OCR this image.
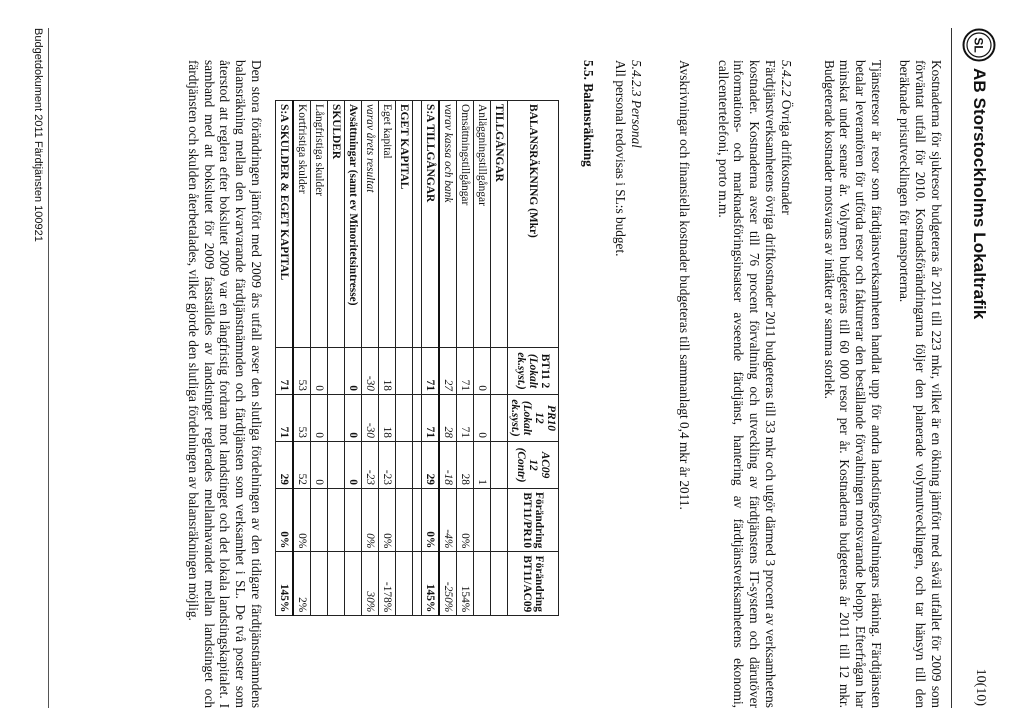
SL
AB Storstockholms Lokaltrafik
10(10)
Kostnaderna för sjukresor budgeteras år 2011 till 223 mkr, vilket är en ökning jämfört med såväl utfallet för 2009 som förväntat utfall för 2010. Kostnadsförändringarna följer den planerade volymutvecklingen, och tar hänsyn till den beräknade prisutvecklingen för transporterna.
Tjänsteresor är resor som färdtjänstverksamheten handlat upp för andra landstingsförvaltningars räkning. Färdtjänsten betalar leverantören för utförda resor och fakturerar den beställande förvaltningen motsvarande belopp. Efterfrågan har minskat under senare år. Volymen budgeteras till 60 000 resor per år. Kostnaderna budgeteras år 2011 till 12 mkr. Budgeterade kostnader motsvaras av intäkter av samma storlek.
5.4.2.2 Övriga driftkostnader
Färdtjänstverksamhetens övriga driftkostnader 2011 budgeteras till 33 mkr och utgör därmed 3 procent av verksamhetens kostnader. Kostnaderna avser till 76 procent förvaltning och utveckling av färdtjänstens IT-system och därutöver informations- och marknadsföringsinsatser avseende färdtjänst, hantering av färdtjänstverksamhetens ekonomi, callcentertelefoni, porto m.m.
Avskrivningar och finansiella kostnader budgeteras till sammanlagt 0,4 mkr år 2011.
5.4.2.3 Personal
All personal redovisas i SL:s budget.
5.5. Balansräkning
BALANSRÄKNING (Mkr)	BT11 2
(Lokalt
ek.syst.)	PR10 12
(Lokalt
ek.syst.)	AC09 12
(Contr)	Förändring
BT11/PR10	Förändring
BT11/AC09
TILLGÅNGAR					
Anläggningstillgångar	0	0	1		
Omsättningstillgångar	71	71	28	0%	154%
varav kassa och bank	27	28	-18	-4%	-250%
S:A TILLGÅNGAR	71	71	29	0%	145%

EGET KAPITAL					
Eget kapital	18	18	-23	0%	-178%
varav årets resultat	-30	-30	-23	0%	30%
Avsättningar (samt ev Minoritetsintresse)	0	0	0		
SKULDER					
Långfristiga skulder	0	0	0		
Kortfristiga skulder	53	53	52	0%	2%
S:A SKULDER & EGET KAPITAL	71	71	29	0%	145%
Den stora förändringen jämfört med 2009 års utfall avser den slutliga fördelningen av den tidigare färdtjänstnämndens balansräkning mellan den kvarvarande färdtjänstnämnden och färdtjänsten som verksamhet i SL. De två poster som återstod att reglera efter bokslutet 2009 var en långfristig fordran mot landstinget och det lokala landstingskapitalet. I samband med att bokslutet för 2009 fastställdes av landstinget reglerades mellanhavandet mellan landstinget och färdtjänsten och skulden återbetalades, vilket gjorde den slutliga fördelningen av balansräkningen möjlig.
Budgetdokument 2011 Färdtjänsten 100921
